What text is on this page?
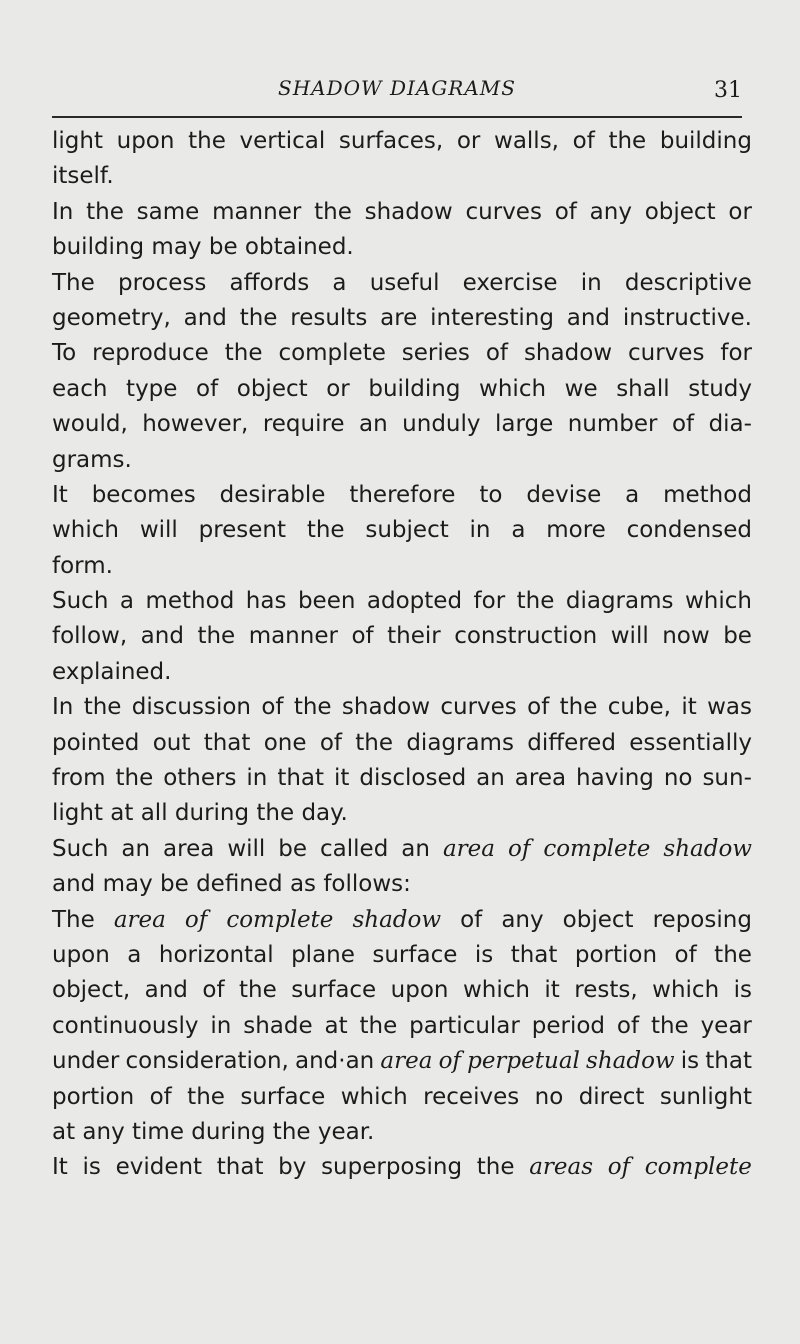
SHADOW DIAGRAMS	31
light upon the vertical surfaces, or walls, of the building
itself.
In the same manner the shadow curves of any object or
building may be obtained.
The process affords a useful exercise in descriptive
geometry, and the results are interesting and instructive.
To reproduce the complete series of shadow curves for
each type of object or building which we shall study
would, however, require an unduly large number of dia-
grams.
It becomes desirable therefore to devise a method
which will present the subject in a more condensed
form.
Such a method has been adopted for the diagrams which
follow, and the manner of their construction will now be
explained.
In the discussion of the shadow curves of the cube, it was
pointed out that one of the diagrams differed essentially
from the others in that it disclosed an area having no sun-
light at all during the day.
Such an area will be called an area of complete shadow
and may be defined as follows:
The area of complete shadow of any object reposing
upon a horizontal plane surface is that portion of the
object, and of the surface upon which it rests, which is
continuously in shade at the particular period of the year
under consideration, and·an area of perpetual shadow is that
portion of the surface which receives no direct sunlight
at any time during the year.
It is evident that by superposing the areas of complete
